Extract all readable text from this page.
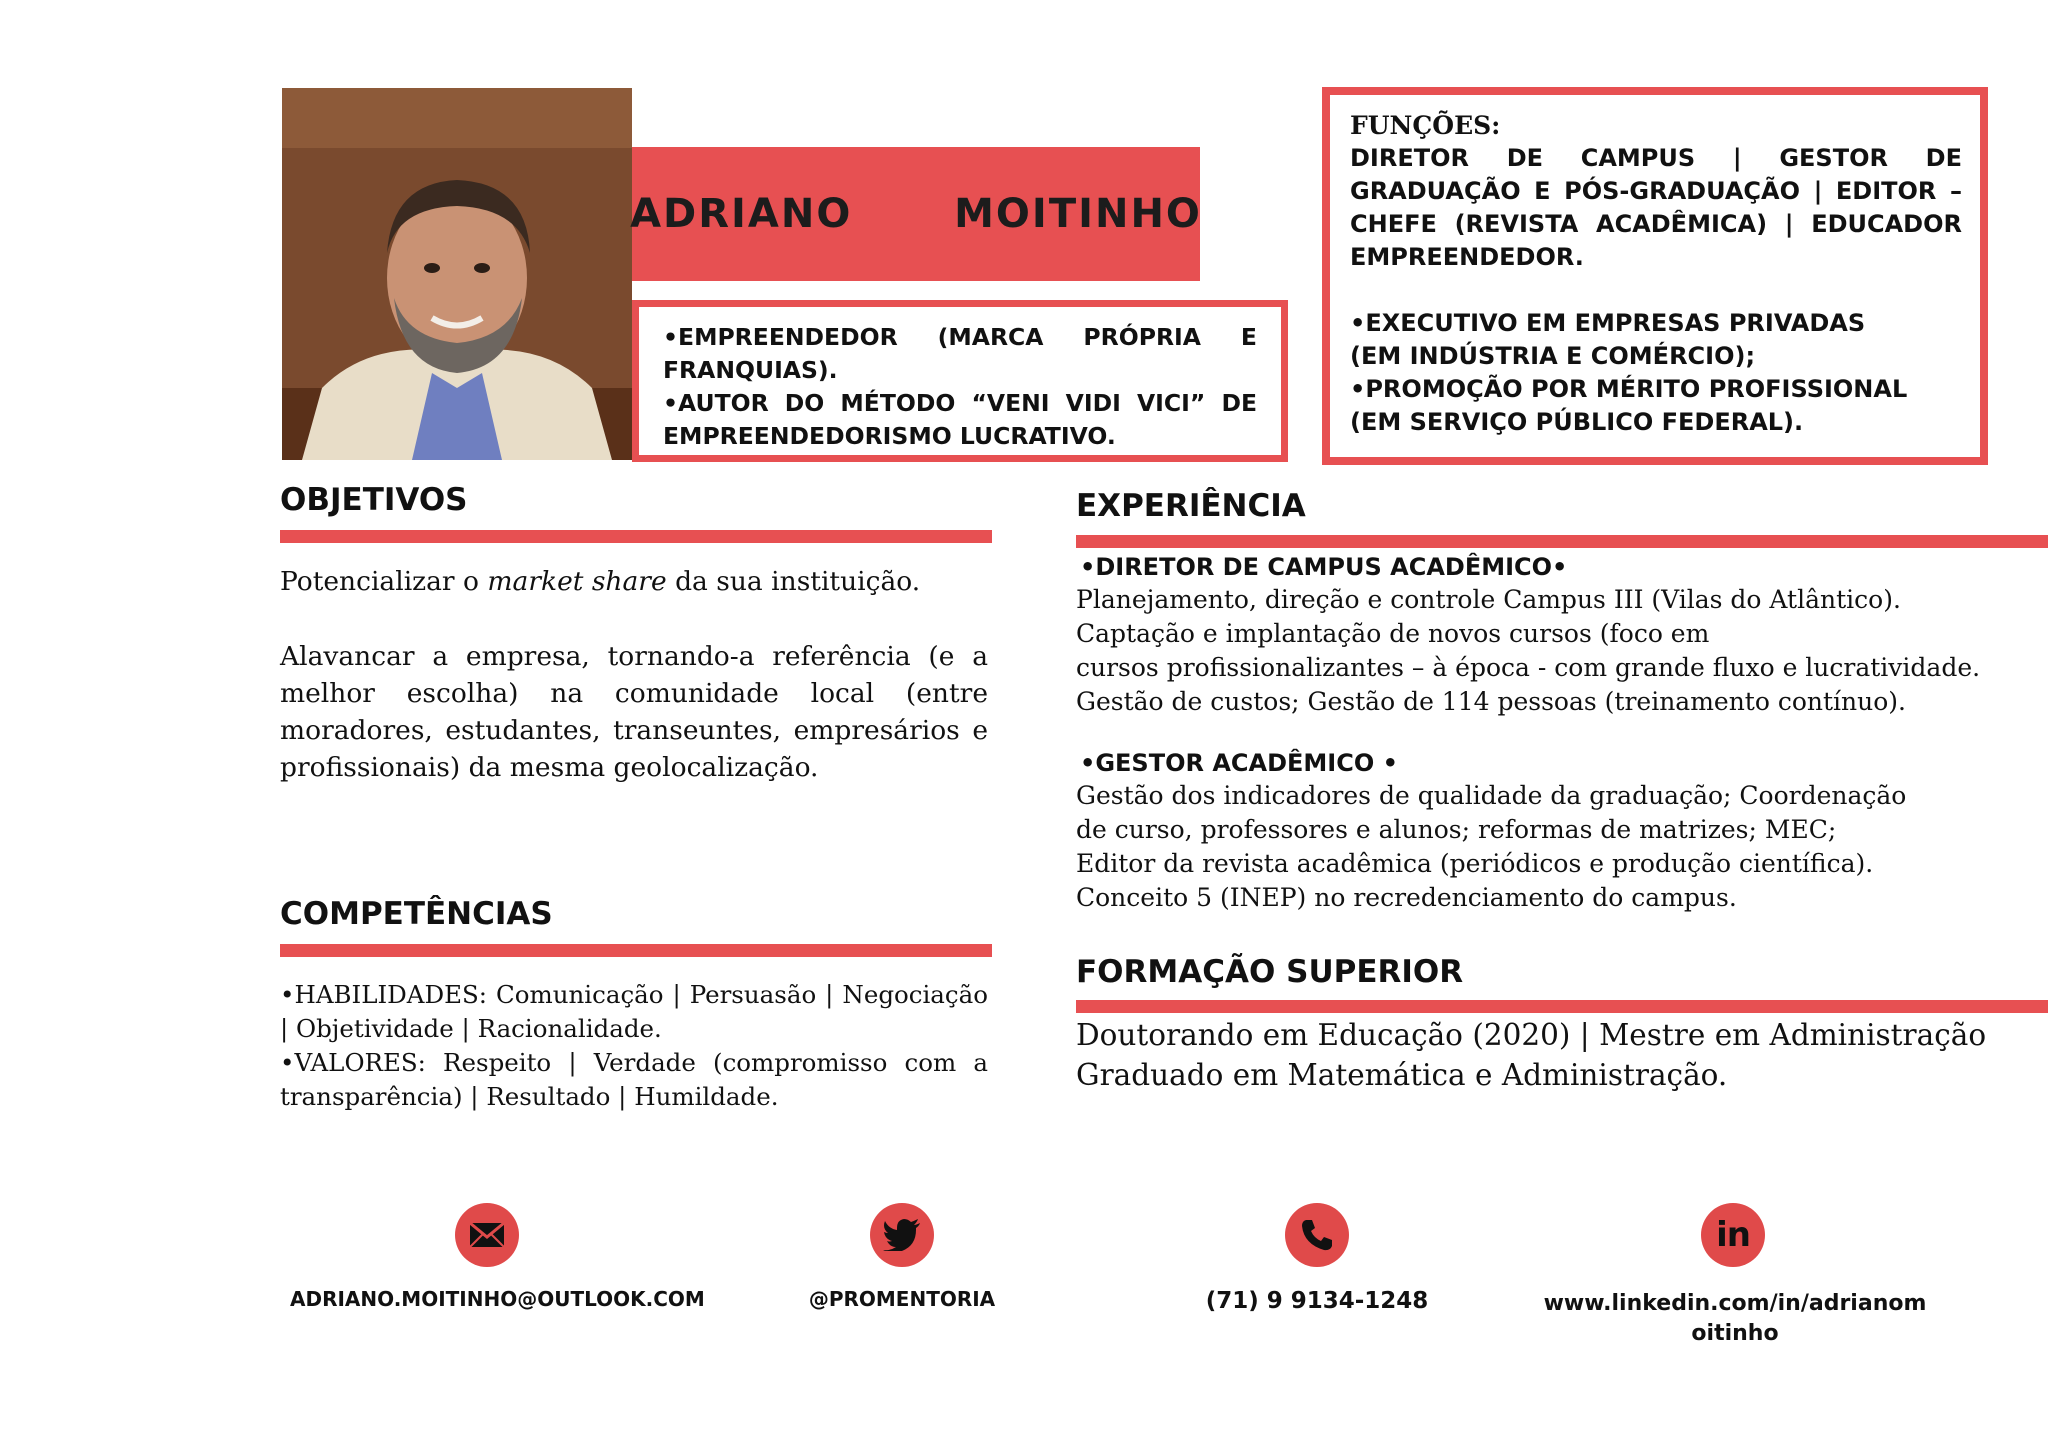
ADRIANO   MOITINHO
•EMPREENDEDOR (MARCA PRÓPRIA E FRANQUIAS).
•AUTOR DO MÉTODO “VENI VIDI VICI” DE EMPREENDEDORISMO LUCRATIVO.
FUNÇÕES:
DIRETOR DE CAMPUS | GESTOR DE GRADUAÇÃO E PÓS-GRADUAÇÃO | EDITOR – CHEFE (REVISTA ACADÊMICA) | EDUCADOR EMPREENDEDOR.
•EXECUTIVO EM EMPRESAS PRIVADAS
(EM INDÚSTRIA E COMÉRCIO);
•PROMOÇÃO POR MÉRITO PROFISSIONAL
(EM SERVIÇO PÚBLICO FEDERAL).
OBJETIVOS
Potencializar o market share da sua instituição.
Alavancar a empresa, tornando-a referência (e a melhor escolha) na comunidade local (entre moradores, estudantes, transeuntes, empresários e profissionais) da mesma geolocalização.
COMPETÊNCIAS
•HABILIDADES: Comunicação | Persuasão | Negociação | Objetividade | Racionalidade.
•VALORES: Respeito | Verdade (compromisso com a transparência) | Resultado | Humildade.
EXPERIÊNCIA
•DIRETOR DE CAMPUS ACADÊMICO•
Planejamento, direção e controle Campus III (Vilas do Atlântico).
Captação e implantação de novos cursos (foco em
cursos profissionalizantes – à época - com grande fluxo e lucratividade.
Gestão de custos; Gestão de 114 pessoas (treinamento contínuo).
•GESTOR ACADÊMICO •
Gestão dos indicadores de qualidade da graduação; Coordenação
de curso, professores e alunos; reformas de matrizes; MEC;
Editor da revista acadêmica (periódicos e produção científica).
Conceito 5 (INEP) no recredenciamento do campus.
FORMAÇÃO SUPERIOR
Doutorando em Educação (2020) | Mestre em Administração
Graduado em Matemática e Administração.
ADRIANO.MOITINHO@OUTLOOK.COM	@PROMENTORIA	(71) 9 9134-1248
in
www.linkedin.com/in/adrianom
oitinho
